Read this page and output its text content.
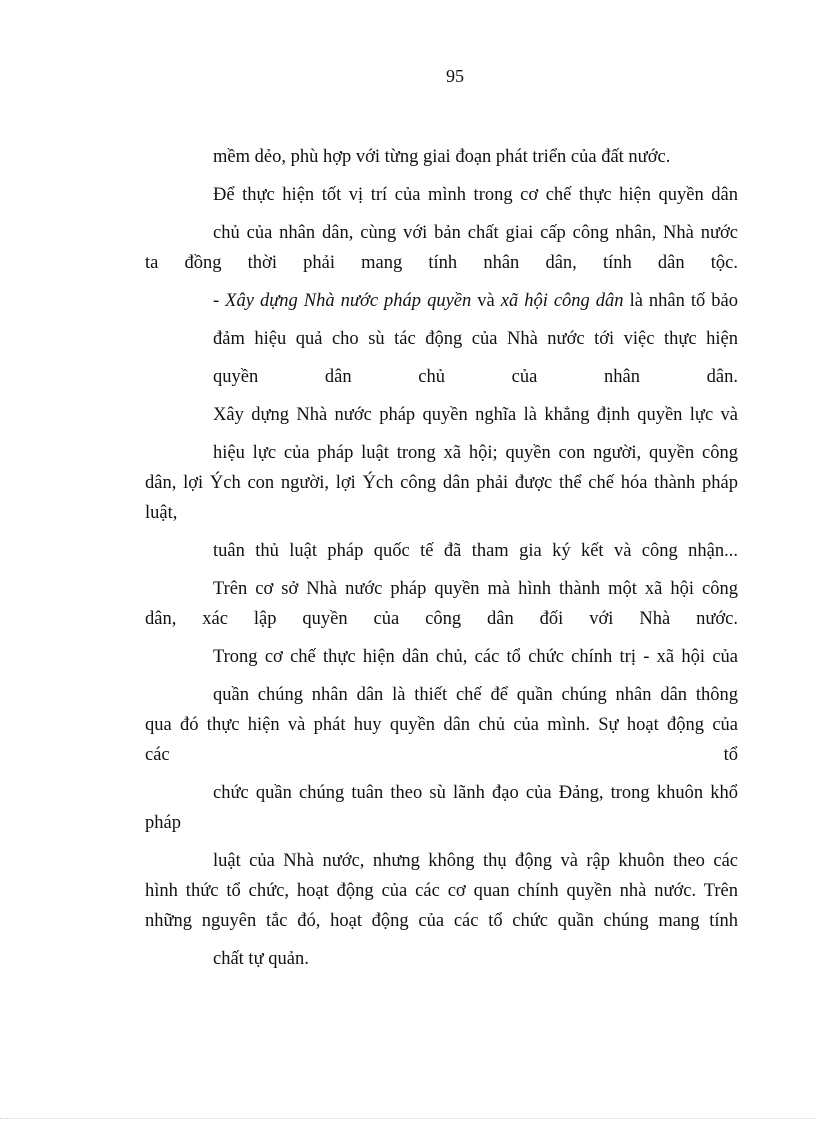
95

mềm dẻo, phù hợp với từng giai đoạn phát triển của đất nước.

Để thực hiện tốt vị trí của mình trong cơ chế thực hiện quyền dân

chủ của nhân dân, cùng với bản chất giai cấp công nhân, Nhà nước

ta đồng thời phải mang tính nhân dân, tính dân tộc.

- Xây dựng Nhà nước pháp quyền và xã hội công dân là nhân tố bảo

đảm hiệu quả cho sù tác động của Nhà nước tới việc thực hiện

quyền dân chủ của nhân dân.

Xây dựng Nhà nước pháp quyền nghĩa là khẳng định quyền lực và

hiệu lực của pháp luật trong xã hội; quyền con người, quyền công

dân, lợi Ých con người, lợi Ých công dân phải được thể chế hóa thành pháp

luật,

tuân thủ luật pháp quốc tế đã tham gia ký kết và công nhận...

Trên cơ sở Nhà nước pháp quyền mà hình thành một xã hội công

dân, xác lập quyền của công dân đối với Nhà nước.

Trong cơ chế thực hiện dân chủ, các tổ chức chính trị - xã hội của

quần chúng nhân dân là thiết chế để quần chúng nhân dân thông

qua đó thực hiện và phát huy quyền dân chủ của mình. Sự hoạt động của

các tổ

chức quần chúng tuân theo sù lãnh đạo của Đảng, trong khuôn khổ

pháp

luật của Nhà nước, nhưng không thụ động và rập khuôn theo các

hình thức tổ chức, hoạt động của các cơ quan chính quyền nhà nước. Trên

những nguyên tắc đó, hoạt động của các tổ chức quần chúng mang tính

chất tự quản.
